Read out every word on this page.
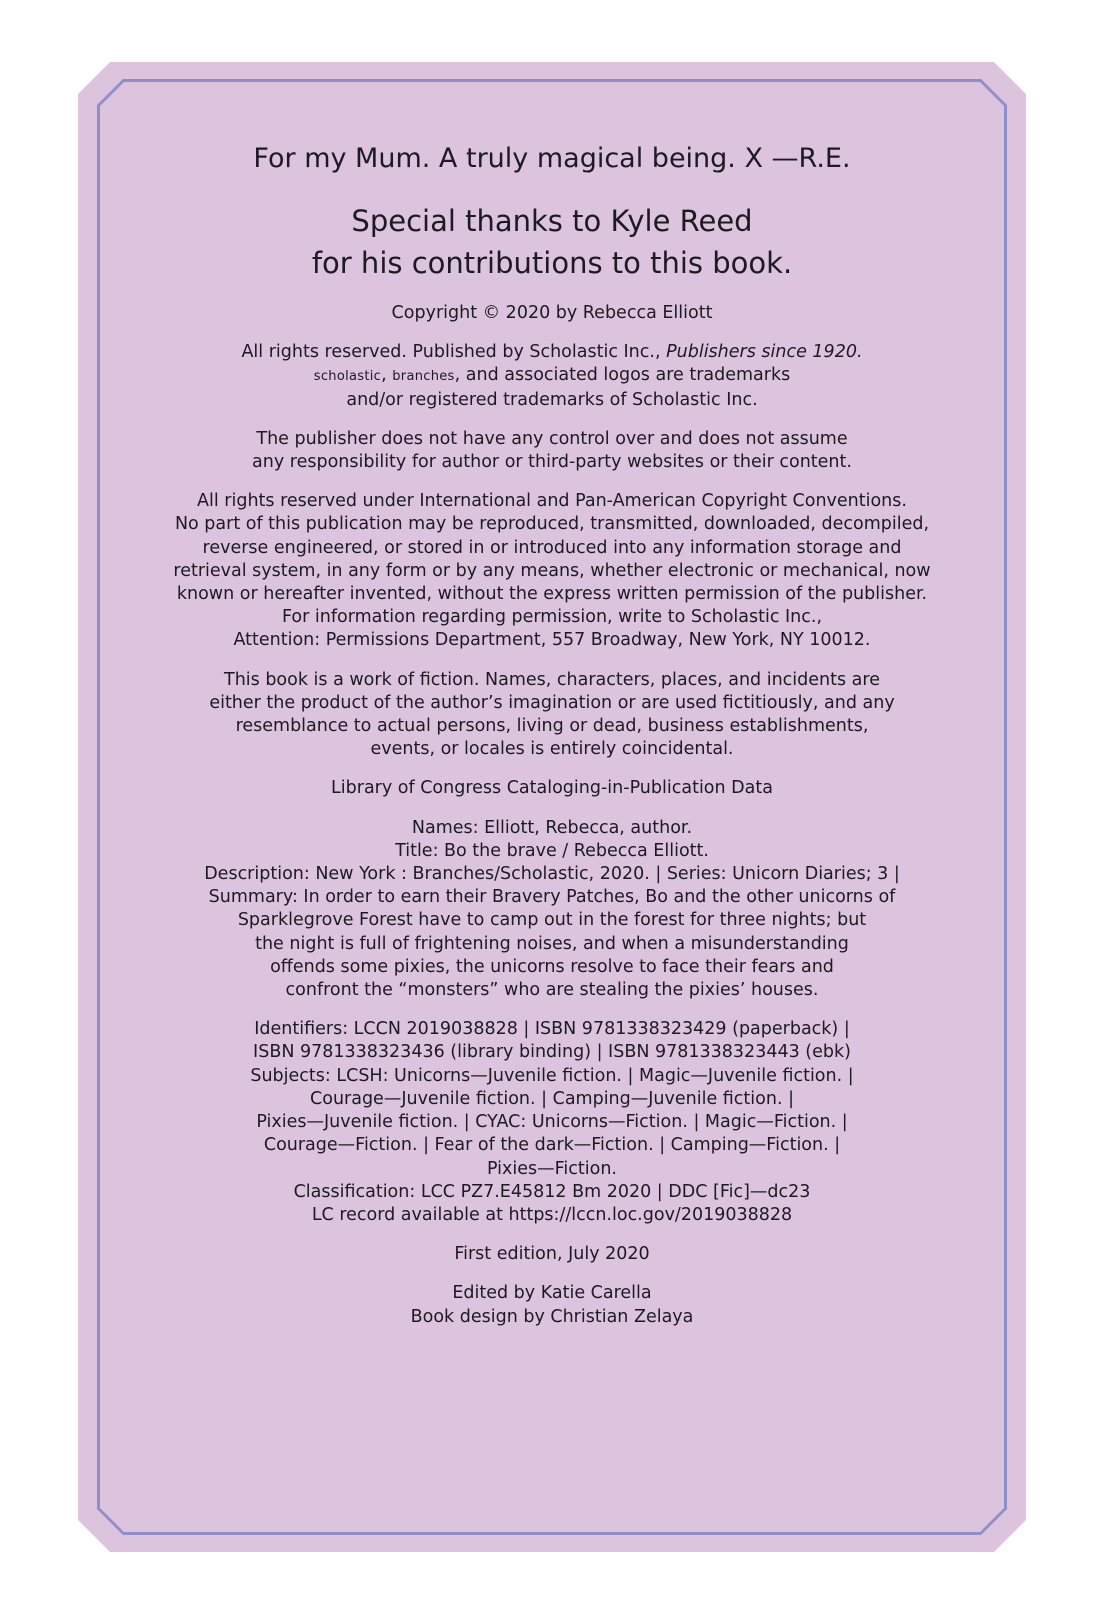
For my Mum. A truly magical being. X —R.E.

Special thanks to Kyle Reed
for his contributions to this book.

Copyright © 2020 by Rebecca Elliott

All rights reserved. Published by Scholastic Inc., Publishers since 1920.
scholastic, branches, and associated logos are trademarks
and/or registered trademarks of Scholastic Inc.

The publisher does not have any control over and does not assume
any responsibility for author or third-party websites or their content.

All rights reserved under International and Pan-American Copyright Conventions.
No part of this publication may be reproduced, transmitted, downloaded, decompiled,
reverse engineered, or stored in or introduced into any information storage and
retrieval system, in any form or by any means, whether electronic or mechanical, now
known or hereafter invented, without the express written permission of the publisher.
For information regarding permission, write to Scholastic Inc.,
Attention: Permissions Department, 557 Broadway, New York, NY 10012.

This book is a work of fiction. Names, characters, places, and incidents are
either the product of the author’s imagination or are used fictitiously, and any
resemblance to actual persons, living or dead, business establishments,
events, or locales is entirely coincidental.

Library of Congress Cataloging-in-Publication Data

Names: Elliott, Rebecca, author.
Title: Bo the brave / Rebecca Elliott.
Description: New York : Branches/Scholastic, 2020. | Series: Unicorn Diaries; 3 |
Summary: In order to earn their Bravery Patches, Bo and the other unicorns of
Sparklegrove Forest have to camp out in the forest for three nights; but
the night is full of frightening noises, and when a misunderstanding
offends some pixies, the unicorns resolve to face their fears and
confront the “monsters” who are stealing the pixies’ houses.

Identifiers: LCCN 2019038828 | ISBN 9781338323429 (paperback) |
ISBN 9781338323436 (library binding) | ISBN 9781338323443 (ebk)
Subjects: LCSH: Unicorns—Juvenile fiction. | Magic—Juvenile fiction. |
Courage—Juvenile fiction. | Camping—Juvenile fiction. |
Pixies—Juvenile fiction. | CYAC: Unicorns—Fiction. | Magic—Fiction. |
Courage—Fiction. | Fear of the dark—Fiction. | Camping—Fiction. |
Pixies—Fiction.
Classification: LCC PZ7.E45812 Bm 2020 | DDC [Fic]—dc23
LC record available at https://lccn.loc.gov/2019038828

First edition, July 2020

Edited by Katie Carella
Book design by Christian Zelaya
